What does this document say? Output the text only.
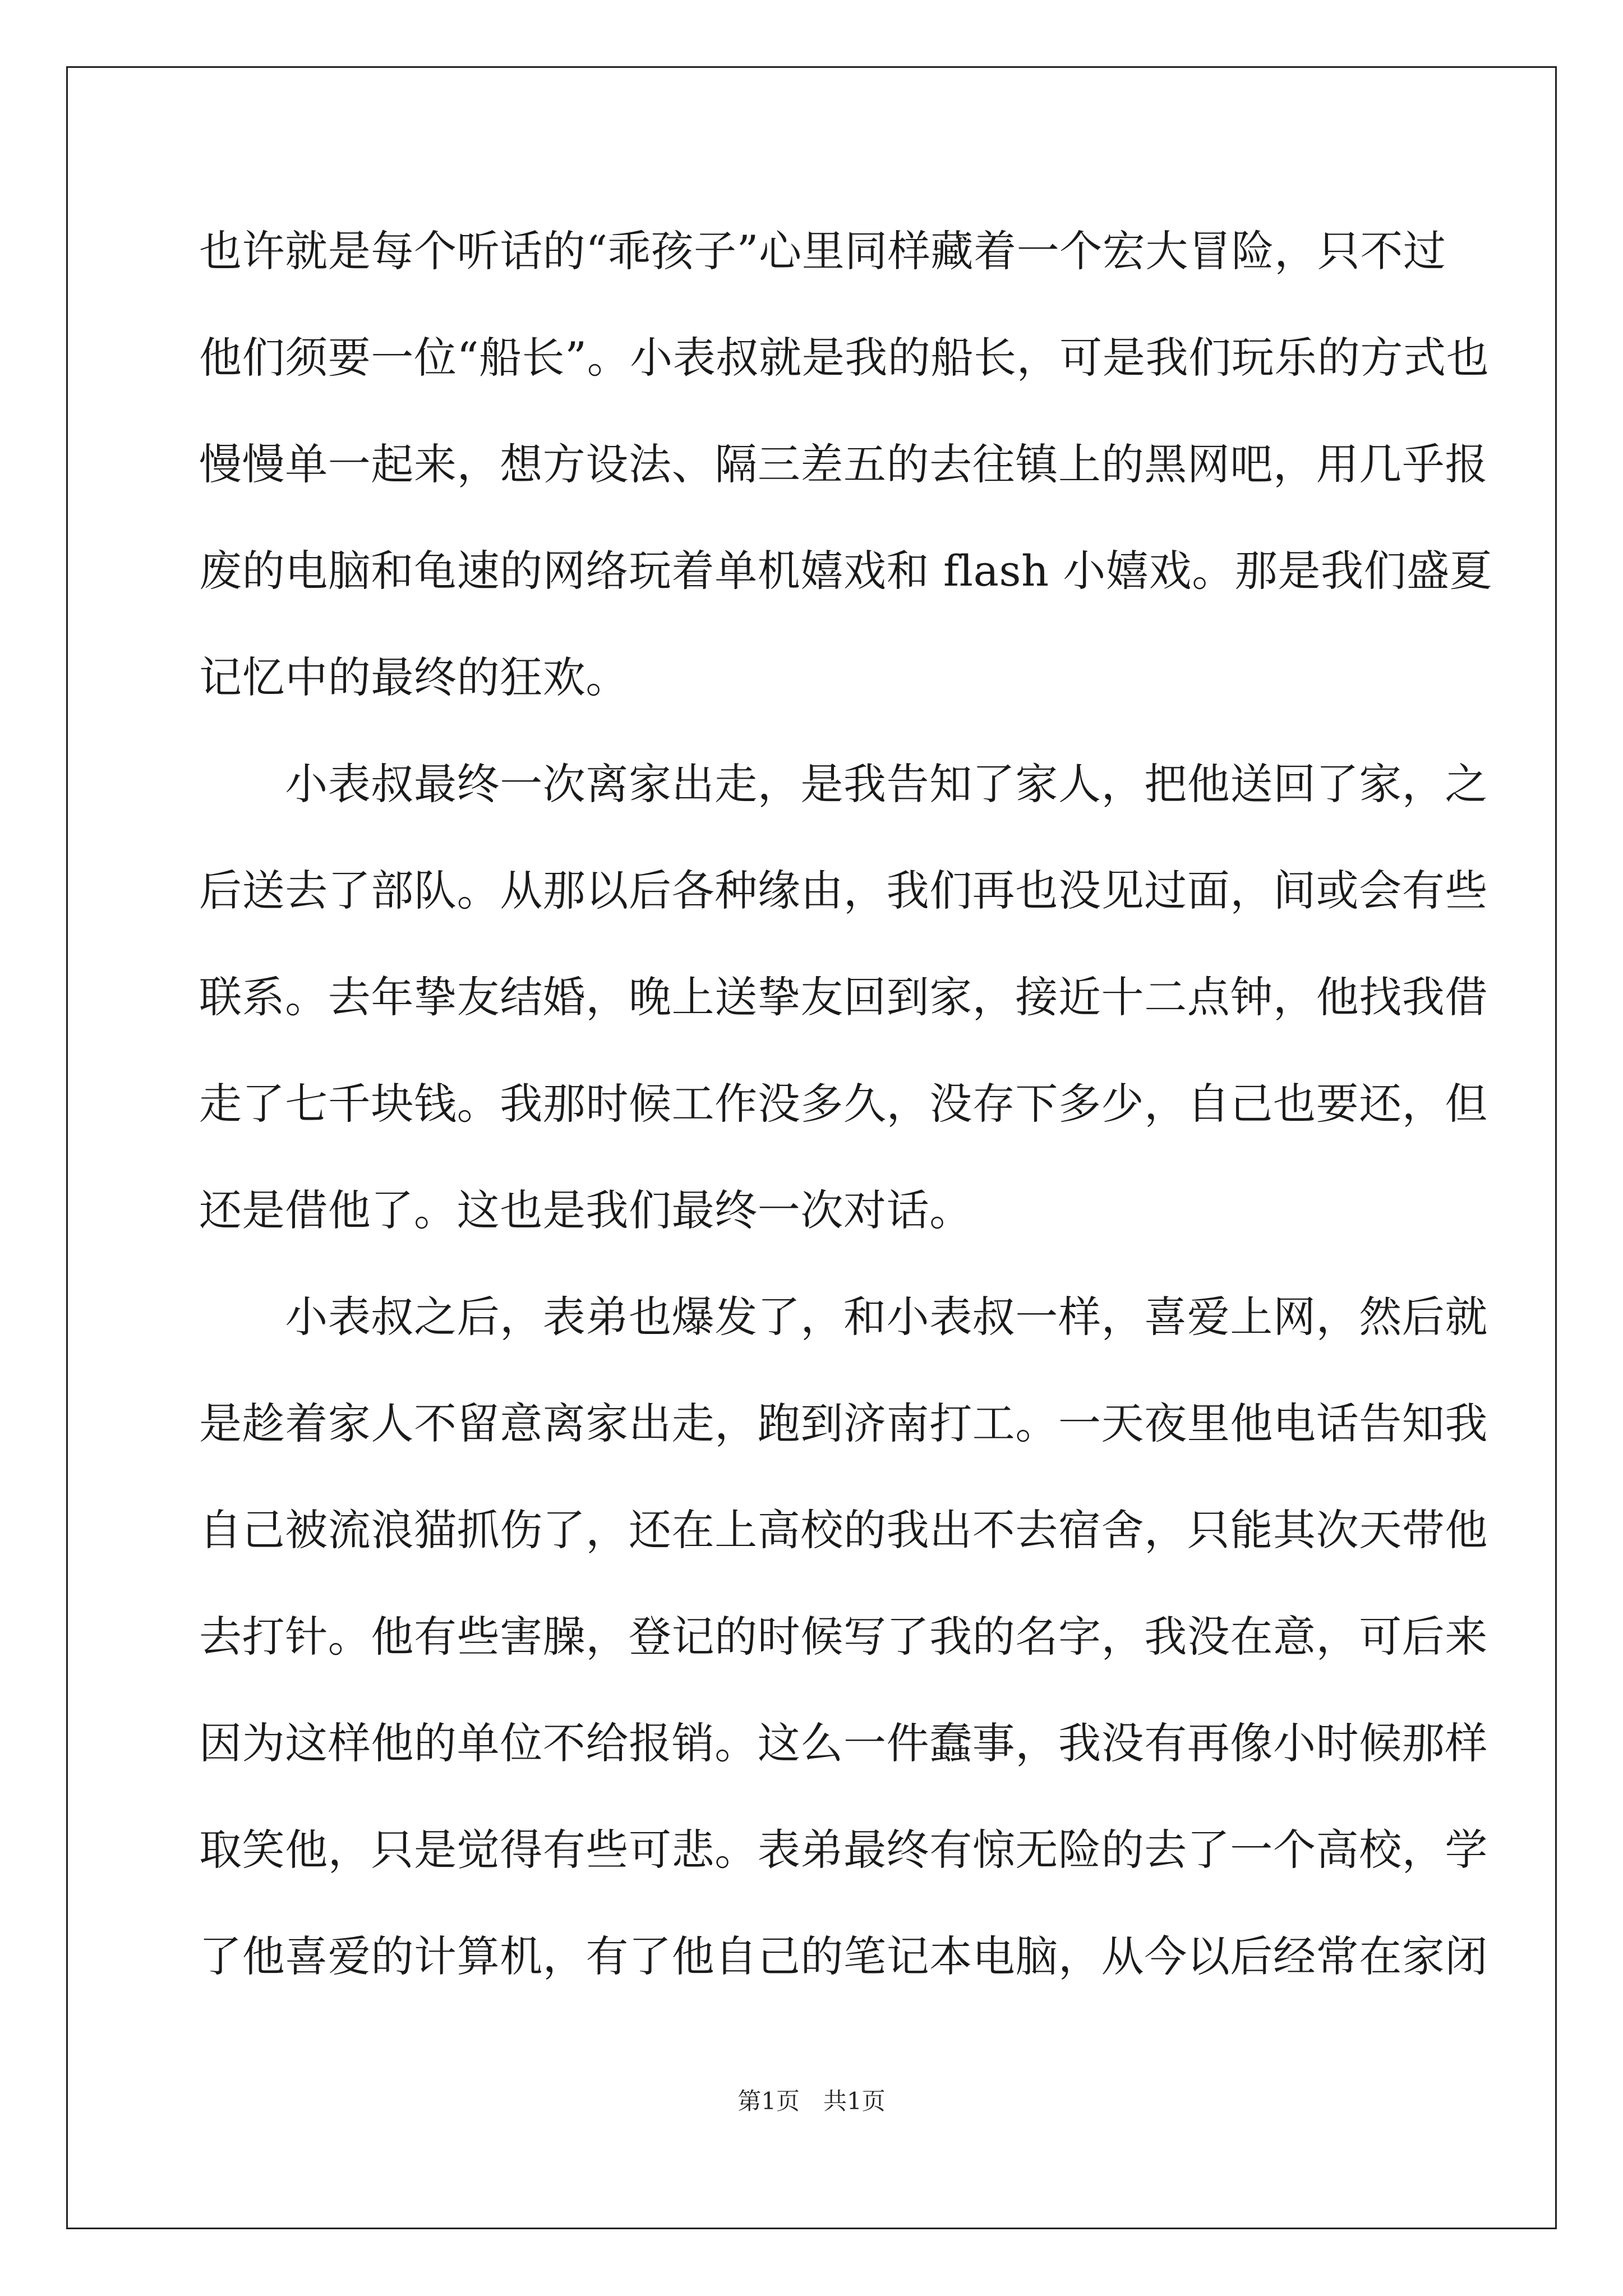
也许就是每个听话的“乖孩子”心里同样藏着一个宏大冒险，只不过
他们须要一位“船长”。小表叔就是我的船长，可是我们玩乐的方式也
慢慢单一起来，想方设法、隔三差五的去往镇上的黑网吧，用几乎报
废的电脑和龟速的网络玩着单机嬉戏和 flash 小嬉戏。那是我们盛夏
记忆中的最终的狂欢。
　　小表叔最终一次离家出走，是我告知了家人，把他送回了家，之
后送去了部队。从那以后各种缘由，我们再也没见过面，间或会有些
联系。去年挚友结婚，晚上送挚友回到家，接近十二点钟，他找我借
走了七千块钱。我那时候工作没多久，没存下多少，自己也要还，但
还是借他了。这也是我们最终一次对话。
　　小表叔之后，表弟也爆发了，和小表叔一样，喜爱上网，然后就
是趁着家人不留意离家出走，跑到济南打工。一天夜里他电话告知我
自己被流浪猫抓伤了，还在上高校的我出不去宿舍，只能其次天带他
去打针。他有些害臊，登记的时候写了我的名字，我没在意，可后来
因为这样他的单位不给报销。这么一件蠢事，我没有再像小时候那样
取笑他，只是觉得有些可悲。表弟最终有惊无险的去了一个高校，学
了他喜爱的计算机，有了他自己的笔记本电脑，从今以后经常在家闭
第1页 共1页
